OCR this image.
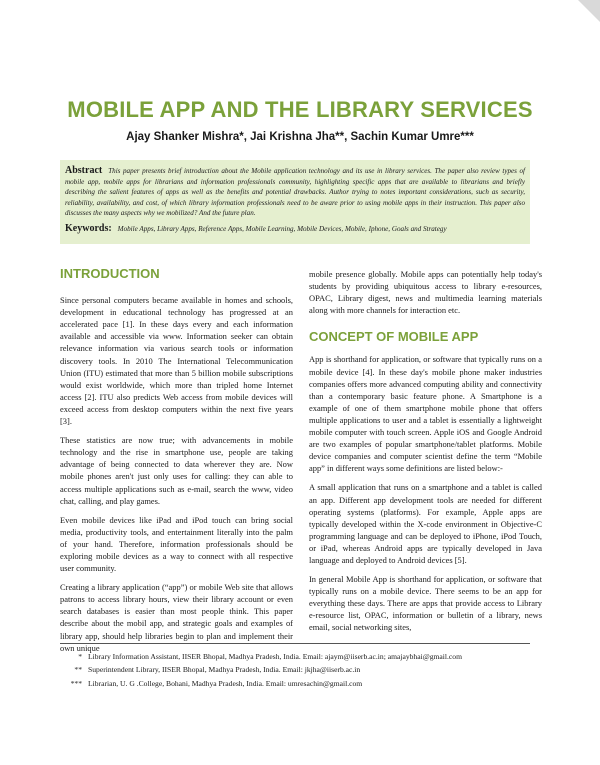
MOBILE APP AND THE LIBRARY SERVICES
Ajay Shanker Mishra*, Jai Krishna Jha**, Sachin Kumar Umre***

Abstract This paper presents brief introduction about the Mobile application technology and its use in library services. The paper also review types of mobile app, mobile apps for librarians and information professionals community, highlighting specific apps that are available to librarians and briefly describing the salient features of apps as well as the benefits and potential drawbacks. Author trying to notes important considerations, such as security, reliability, availability, and cost, of which library information professionals need to be aware prior to using mobile apps in their instruction. This paper also discusses the many aspects why we mobilized? And the future plan.

Keywords: Mobile Apps, Library Apps, Reference Apps, Mobile Learning, Mobile Devices, Mobile, Iphone, Goals and Strategy

INTRODUCTION

Since personal computers became available in homes and schools, development in educational technology has progressed at an accelerated pace [1]. In these days every and each information available and accessible via www. Information seeker can obtain relevance information via various search tools or information discovery tools. In 2010 The International Telecommunication Union (ITU) estimated that more than 5 billion mobile subscriptions would exist worldwide, which more than tripled home Internet access [2]. ITU also predicts Web access from mobile devices will exceed access from desktop computers within the next five years [3].

These statistics are now true; with advancements in mobile technology and the rise in smartphone use, people are taking advantage of being connected to data wherever they are. Now mobile phones aren't just only uses for calling: they can able to access multiple applications such as e-mail, search the www, video chat, calling, and play games.

Even mobile devices like iPad and iPod touch can bring social media, productivity tools, and entertainment literally into the palm of your hand. Therefore, information professionals should be exploring mobile devices as a way to connect with all respective user community.

Creating a library application (“app”) or mobile Web site that allows patrons to access library hours, view their library account or even search databases is easier than most people think. This paper describe about the mobil app, and strategic goals and examples of library app, should help libraries begin to plan and implement their own unique

mobile presence globally. Mobile apps can potentially help today's students by providing ubiquitous access to library e-resources, OPAC, Library digest, news and multimedia learning materials along with more channels for interaction etc.

CONCEPT OF MOBILE APP

App is shorthand for application, or software that typically runs on a mobile device [4]. In these day's mobile phone maker industries companies offers more advanced computing ability and connectivity than a contemporary basic feature phone. A Smartphone is a example of one of them smartphone mobile phone that offers multiple applications to user and a tablet is essentially a lightweight mobile computer with touch screen. Apple iOS and Google Android are two examples of popular smartphone/tablet platforms. Mobile device companies and computer scientist define the term “Mobile app” in different ways some definitions are listed below:-

A small application that runs on a smartphone and a tablet is called an app. Different app development tools are needed for different operating systems (platforms). For example, Apple apps are typically developed within the X-code environment in Objective-C programming language and can be deployed to iPhone, iPod Touch, or iPad, whereas Android apps are typically developed in Java language and deployed to Android devices [5].

In general Mobile App is shorthand for application, or software that typically runs on a mobile device. There seems to be an app for everything these days. There are apps that provide access to Library e-resource list, OPAC, information or bulletin of a library, news email, social networking sites,

* Library Information Assistant, IISER Bhopal, Madhya Pradesh, India. Email: ajaym@iiserb.ac.in; amajaybhai@gmail.com
** Superintendent Library, IISER Bhopal, Madhya Pradesh, India. Email: jkjha@iiserb.ac.in
*** Librarian, U. G .College, Bohani, Madhya Pradesh, India. Email: umresachin@gmail.com
